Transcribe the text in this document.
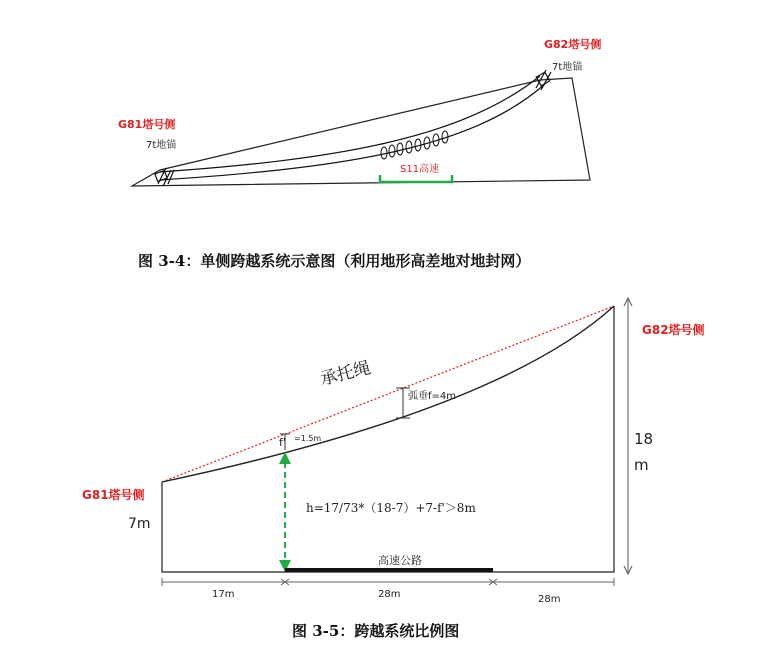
G82塔号侧
G81塔号侧
7t地锚
7t地锚
S11高速
G82塔号侧
G81塔号侧
承托绳
弧垂f=4m
f' =1.5m
h=17/73*（18-7）+7-f'＞8m
7m
18
m
高速公路
17m	28m	28m
图 3-4：单侧跨越系统示意图（利用地形高差地对地封网）
图 3-5：跨越系统比例图
